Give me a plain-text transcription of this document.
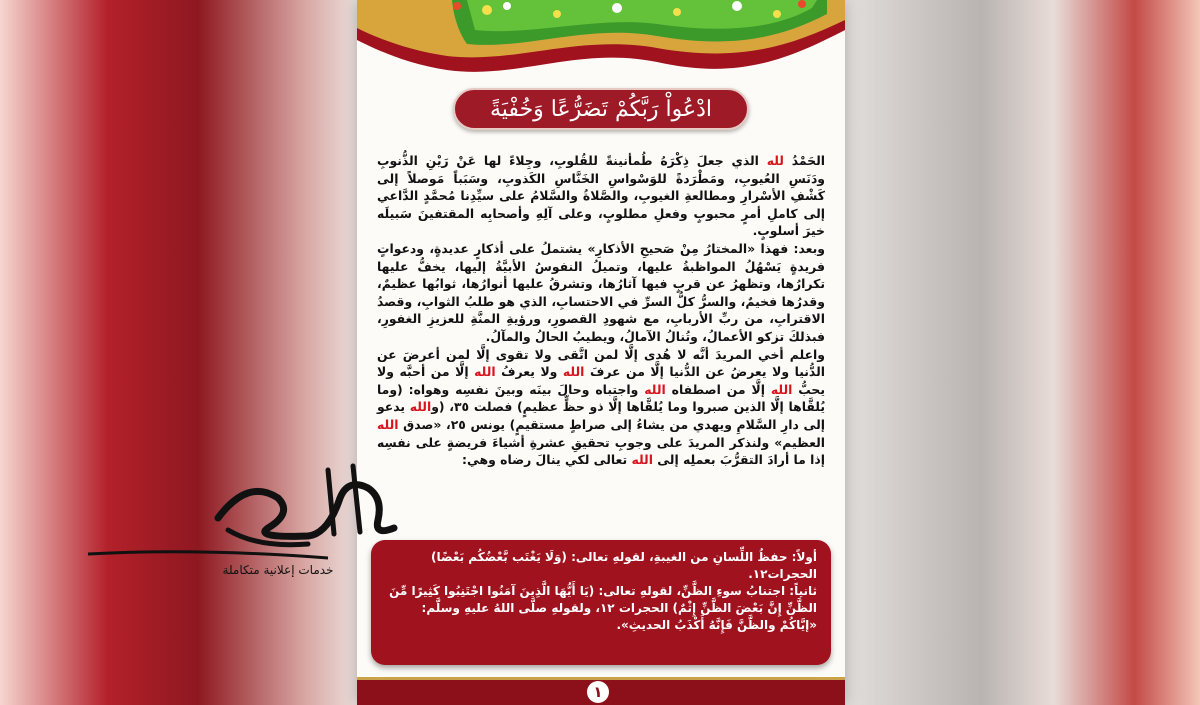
ادْعُواْ رَبَّكُمْ تَضَرُّعًا وَخُفْيَةً

الحَمْدُ لله الذي جعلَ ذِكْرَهُ طُمأنينةً للقُلوبِ، وجِلاءً لها عَنْ رَيْنِ الذُّنوبِ ودَنَسِ العُيوبِ، ومَطْرَدةً للوَسْواسِ الخَنَّاسِ الكَذوبِ، وسَبَباً مَوصلاً إلى كَشْفِ الأسْرارِ ومطالعةِ الغيوبِ، والصَّلاةُ والسَّلامُ على سيِّدِنا مُحمَّدٍ الدَّاعي إلى كاملِ أمرٍ محبوبٍ وفعلِ مطلوبٍ، وعلى آلِهِ وأصحابِه المقتفينَ سَبيلَه خيرَ أسلوبٍ.

وبعد: فهذا «المختارُ مِنْ صَحيحِ الأذكارِ» يشتملُ على أذكارٍ عديدةٍ، ودعواتٍ فريدةٍ يَسْهُلُ المواظبةُ عليها، وتميلُ النفوسُ الأبيَّةُ إليها، يخفُّ عليها تكرارُها، وتظهرُ عن قربٍ فيها آثارُها، وتشرقُ عليها أنوارُها، ثوابُها عظيمٌ، وقدرُها فخيمٌ، والسرُّ كلُّ السرِّ في الاحتسابِ، الذي هو طلبُ الثوابِ، وقصدُ الاقترابِ، من ربِّ الأربابِ، مع شهودِ القصورِ، ورؤيةِ المنَّةِ للعزيزِ الغفورِ، فبذلكَ تزكو الأعمالُ، وتُنالُ الآمالُ، ويطيبُ الحالُ والمآلُ.

واعلم أخي المريدَ أنَّه لا هُدى إلَّا لمن اتَّقى ولا تقوى إلَّا لمن أعرضَ عن الدُّنيا ولا يعرضُ عن الدُّنيا إلَّا من عرفَ الله ولا يعرفُ الله إلَّا من أحبَّه ولا يحبُّ الله إلَّا من اصطفاه الله واجتباه وحالَ بينَه وبينَ نفسِه وهواه: (وما يُلقَّاها إلَّا الذين صبروا وما يُلقَّاها إلَّا ذو حظٍّ عظيمٍ) فصلت ٣٥، (والله يدعو إلى دارِ السَّلامِ ويهدي من يشاءُ إلى صراطٍ مستقيمٍ) يونس ٢٥، «صدق الله العظيم» ولنذكر المريدَ على وجوبِ تحقيقِ عشرةِ أشياءَ فريضةٍ على نفسِه إذا ما أرادَ التقرُّبَ بعملِه إلى الله تعالى لكي ينالَ رضاه وهي:

أولاً: حفظُ اللِّسانِ من الغيبةِ، لقولهِ تعالى: (وَلَا يَغْتَب بَّعْضُكُم بَعْضًا) الحجرات١٢.

ثانياً: اجتنابُ سوءِ الظَّنِّ، لقولهِ تعالى: (يَا أَيُّهَا الَّذِينَ آمَنُوا اجْتَنِبُوا كَثِيرًا مِّنَ الظَّنِّ إِنَّ بَعْضَ الظَّنِّ إِثْمٌ) الحجرات ١٢، ولقولهِ صلَّى اللهُ عليهِ وسلَّم: «إيَّاكُمْ والظَّنَّ فَإِنَّهُ أَكْذَبُ الحديثِ».

١
خدمات إعلانية متكاملة
